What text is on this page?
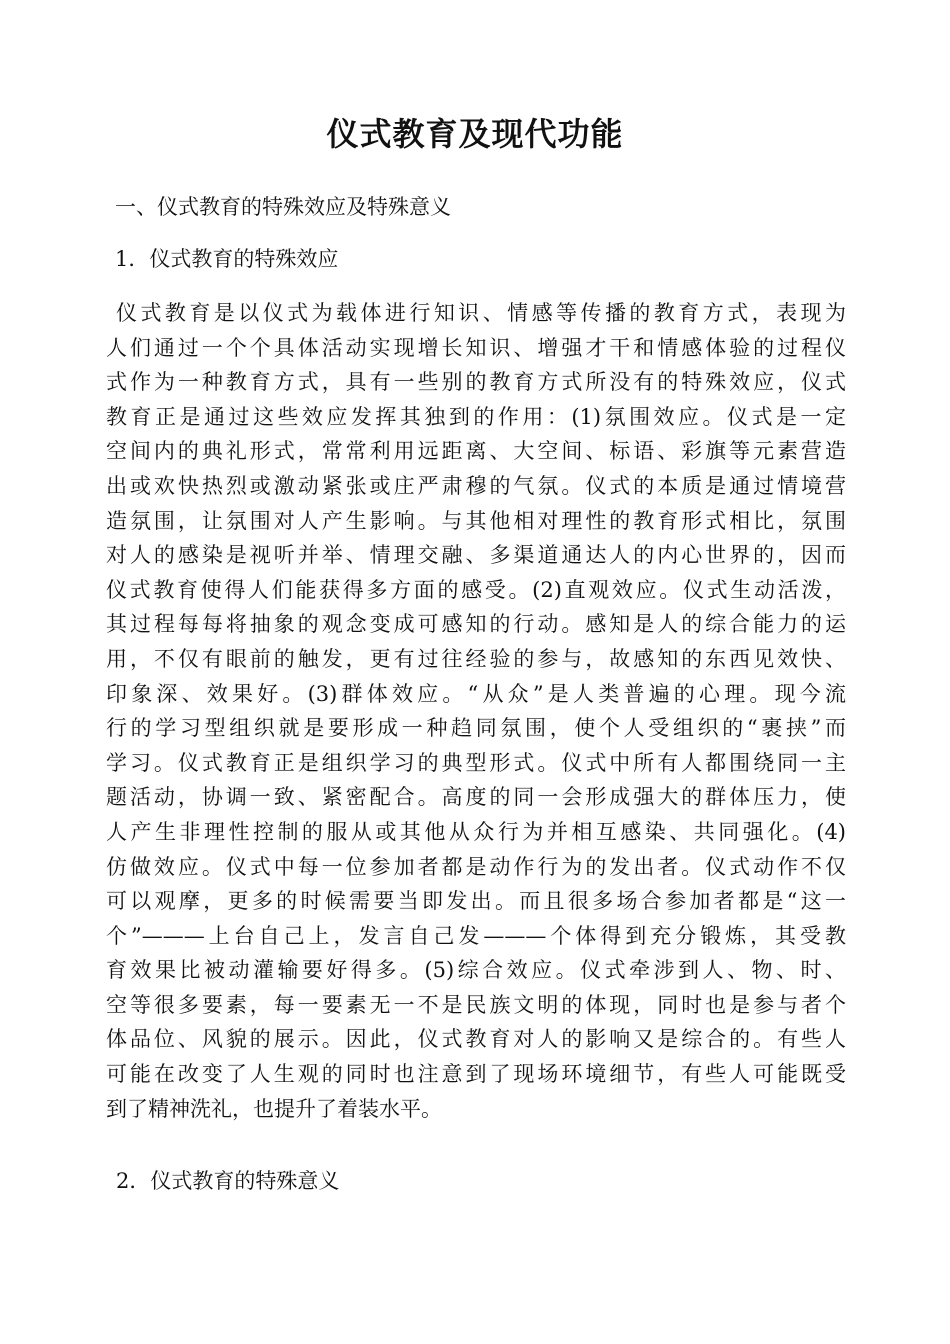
仪式教育及现代功能

一、仪式教育的特殊效应及特殊意义

1．仪式教育的特殊效应

仪式教育是以仪式为载体进行知识、情感等传播的教育方式，表现为
人们通过一个个具体活动实现增长知识、增强才干和情感体验的过程仪
式作为一种教育方式，具有一些别的教育方式所没有的特殊效应，仪式
教育正是通过这些效应发挥其独到的作用：(1)氛围效应。仪式是一定
空间内的典礼形式，常常利用远距离、大空间、标语、彩旗等元素营造
出或欢快热烈或激动紧张或庄严肃穆的气氛。仪式的本质是通过情境营
造氛围，让氛围对人产生影响。与其他相对理性的教育形式相比，氛围
对人的感染是视听并举、情理交融、多渠道通达人的内心世界的，因而
仪式教育使得人们能获得多方面的感受。(2)直观效应。仪式生动活泼，
其过程每每将抽象的观念变成可感知的行动。感知是人的综合能力的运
用，不仅有眼前的触发，更有过往经验的参与，故感知的东西见效快、
印象深、效果好。(3)群体效应。“从众”是人类普遍的心理。现今流
行的学习型组织就是要形成一种趋同氛围，使个人受组织的“裹挟”而
学习。仪式教育正是组织学习的典型形式。仪式中所有人都围绕同一主
题活动，协调一致、紧密配合。高度的同一会形成强大的群体压力，使
人产生非理性控制的服从或其他从众行为并相互感染、共同强化。(4)
仿做效应。仪式中每一位参加者都是动作行为的发出者。仪式动作不仅
可以观摩，更多的时候需要当即发出。而且很多场合参加者都是“这一
个”———上台自己上，发言自己发———个体得到充分锻炼，其受教
育效果比被动灌输要好得多。(5)综合效应。仪式牵涉到人、物、时、
空等很多要素，每一要素无一不是民族文明的体现，同时也是参与者个
体品位、风貌的展示。因此，仪式教育对人的影响又是综合的。有些人
可能在改变了人生观的同时也注意到了现场环境细节，有些人可能既受
到了精神洗礼，也提升了着装水平。

2．仪式教育的特殊意义
